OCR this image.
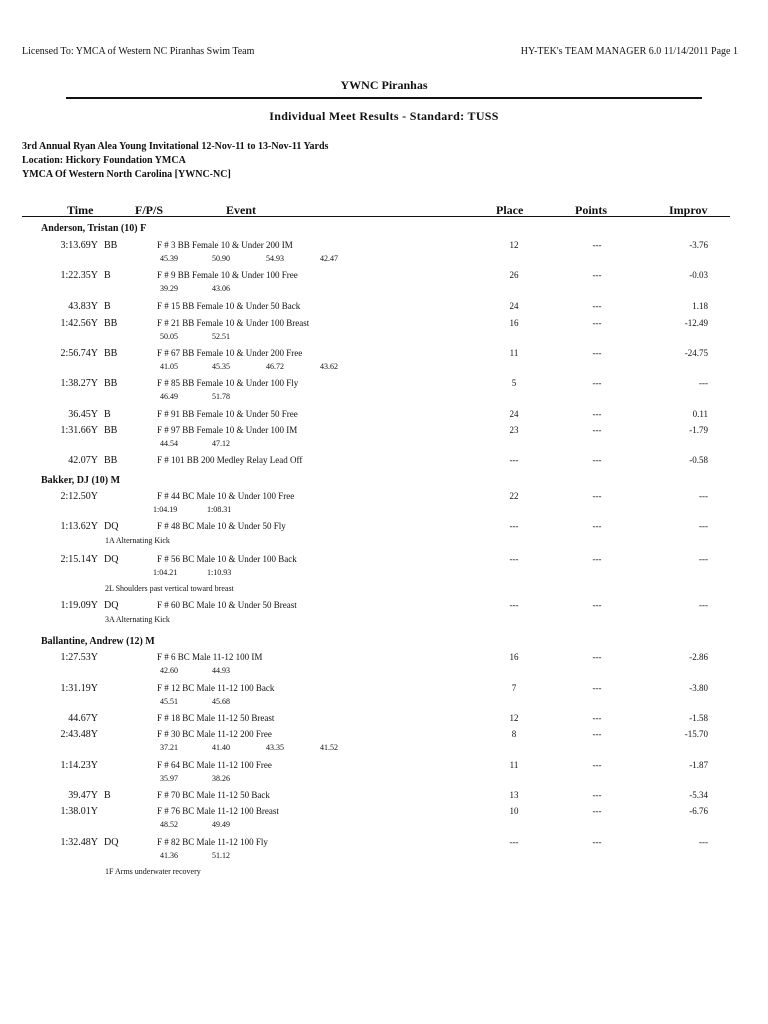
Licensed To: YMCA of Western NC Piranhas Swim Team	HY-TEK's TEAM MANAGER 6.0 11/14/2011 Page 1
YWNC Piranhas
Individual Meet Results - Standard: TUSS
3rd Annual Ryan Alea Young Invitational 12-Nov-11 to 13-Nov-11 Yards
Location: Hickory Foundation YMCA
YMCA Of Western North Carolina [YWNC-NC]
Time	F/P/S	Event	Place	Points	Improv
Anderson, Tristan (10) F
3:13.69Y BB	F # 3 BB Female 10 & Under 200 IM	12	---	-3.76
45.39	50.90	54.93	42.47
1:22.35Y B	F # 9 BB Female 10 & Under 100 Free	26	---	-0.03
39.29	43.06
43.83Y B	F # 15 BB Female 10 & Under 50 Back	24	---	1.18
1:42.56Y BB	F # 21 BB Female 10 & Under 100 Breast	16	---	-12.49
50.05	52.51
2:56.74Y BB	F # 67 BB Female 10 & Under 200 Free	11	---	-24.75
41.05	45.35	46.72	43.62
1:38.27Y BB	F # 85 BB Female 10 & Under 100 Fly	5	---	---
46.49	51.78
36.45Y B	F # 91 BB Female 10 & Under 50 Free	24	---	0.11
1:31.66Y BB	F # 97 BB Female 10 & Under 100 IM	23	---	-1.79
44.54	47.12
42.07Y BB	F # 101 BB 200 Medley Relay Lead Off	---	---	-0.58
Bakker, DJ (10) M
2:12.50Y	F # 44 BC Male 10 & Under 100 Free	22	---	---
1:04.19	1:08.31
1:13.62Y DQ	F # 48 BC Male 10 & Under 50 Fly	---	---	---
1A Alternating Kick
2:15.14Y DQ	F # 56 BC Male 10 & Under 100 Back	---	---	---
1:04.21	1:10.93
2L Shoulders past vertical toward breast
1:19.09Y DQ	F # 60 BC Male 10 & Under 50 Breast	---	---	---
3A Alternating Kick
Ballantine, Andrew (12) M
1:27.53Y	F # 6 BC Male 11-12 100 IM	16	---	-2.86
42.60	44.93
1:31.19Y	F # 12 BC Male 11-12 100 Back	7	---	-3.80
45.51	45.68
44.67Y	F # 18 BC Male 11-12 50 Breast	12	---	-1.58
2:43.48Y	F # 30 BC Male 11-12 200 Free	8	---	-15.70
37.21	41.40	43.35	41.52
1:14.23Y	F # 64 BC Male 11-12 100 Free	11	---	-1.87
35.97	38.26
39.47Y B	F # 70 BC Male 11-12 50 Back	13	---	-5.34
1:38.01Y	F # 76 BC Male 11-12 100 Breast	10	---	-6.76
48.52	49.49
1:32.48Y DQ	F # 82 BC Male 11-12 100 Fly	---	---	---
41.36	51.12
1F Arms underwater recovery
